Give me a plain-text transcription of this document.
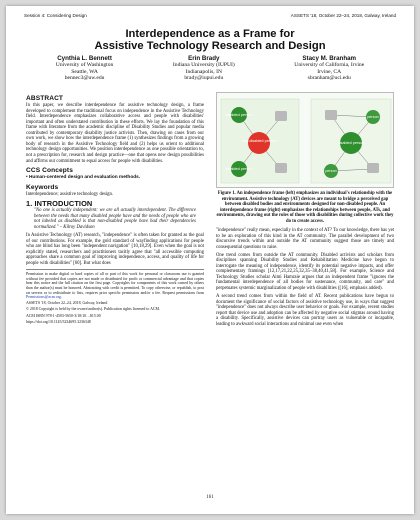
Session 4: Considering Design	ASSETS '18, October 22–24, 2018, Galway, Ireland
Interdependence as a Frame for
Assistive Technology Research and Design
Cynthia L. Bennett
University of Washington
Seattle, WA
bennec3@uw.edu
Erin Brady
Indiana University (IUPUI)
Indianapolis, IN
brady@iupui.edu
Stacy M. Branham
University of California, Irvine
Irvine, CA
sbranham@uci.edu
ABSTRACT

In this paper, we describe interdependence for assistive technology design, a frame developed to complement the traditional focus on independence in the Assistive Technology field. Interdependence emphasizes collaborative access and people with disabilities' important and often understated contribution in these efforts. We lay the foundation of this frame with literature from the academic discipline of Disability Studies and popular media contributed by contemporary disability justice activists. Then, drawing on cases from our own work, we show how the interdependence frame (1) synthesizes findings from a growing body of research in the Assistive Technology field and (2) helps us orient to additional technology design opportunities. We position interdependence as one possible orientation to, not a prescription for, research and design practice—one that opens new design possibilities and affirms our commitment to equal access for people with disabilities.

CCS Concepts

• Human-centered design and evaluation methods.

Keywords

Interdependence; assistive technology design.

1. INTRODUCTION

"No one is actually independent: we are all actually interdependent. The difference between the needs that many disabled people have and the needs of people who are not labeled as disabled is that non-disabled people have had their dependencies normalized." – Kilroy Davidson

In Assistive Technology (AT) research, "independence" is often taken for granted as the goal of our contributions. For example, the gold standard of wayfinding applications for people who are blind has long been "independent navigation" [10,18,29]. Even when the goal is not explicitly stated, researchers and practitioners tacitly agree that "all accessible computing approaches share a common goal of improving independence, access, and quality of life for people with disabilities" [60]. But what does

Permission to make digital or hard copies of all or part of this work for personal or classroom use is granted without fee provided that copies are not made or distributed for profit or commercial advantage and that copies bear this notice and the full citation on the first page. Copyrights for components of this work owned by others than the author(s) must be honored. Abstracting with credit is permitted. To copy otherwise, or republish, to post on servers or to redistribute to lists, requires prior specific permission and/or a fee. Request permissions from Permissions@acm.org.

ASSETS '18, October 22–24, 2018, Galway, Ireland

© 2018 Copyright is held by the owner/author(s). Publication rights licensed to ACM.

ACM ISBN 978-1-4503-5650-3/18/10…$15.00

https://doi.org/10.1145/3234695.3236348

non-disabled person
disabled person
disabled person
disabled person
person
person

Figure 1. An independence frame (left) emphasizes an individual's relationship with the environment. Assistive technology (AT) devices are meant to bridge a perceived gap between disabled bodies and environments designed for non-disabled people. An interdependence frame (right) emphasizes the relationships between people, ATs, and environments, drawing out the roles of those with disabilities during collective work they do to create access.

"independence" really mean, especially in the context of AT? To our knowledge, there has yet to be an exploration of this kind in the AT community. The parallel development of two discursive trends within and outside the AT community suggest those are timely and consequential questions to raise.

One trend comes from outside the AT community. Disabled activists and scholars from disciplines spanning Disability Studies and Rehabilitation Medicine have begun to interrogate the meaning of independence, identify its potential negative impacts, and offer complementary framings [12,17,21,22,25,32,35–38,40,41,58]. For example, Science and Technology Studies scholar Aimi Hamraie argues that an independent frame "ignores the fundamental interdependence of all bodies for sustenance, community, and care" and perpetuates systemic marginalization of people with disabilities ([16], emphasis added).

A second trend comes from within the field of AT. Recent publications have begun to document the significance of social factors of assistive technology use, in ways that suggest "independence" does not always describe user behavior or goals. For example, recent studies report that device use and adoption can be affected by negative social stigmas around having a disability. Specifically, assistive devices can portray users as vulnerable or incapable, leading to awkward social interactions and minimal use even when

161
